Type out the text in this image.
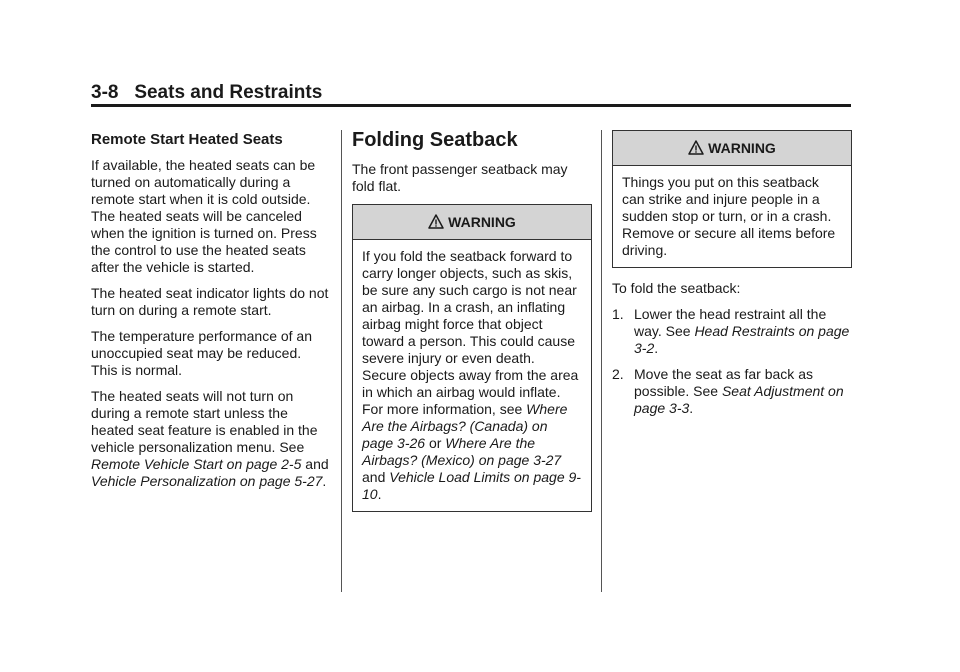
3-8 Seats and Restraints
Remote Start Heated Seats

If available, the heated seats can be turned on automatically during a remote start when it is cold outside. The heated seats will be canceled when the ignition is turned on. Press the control to use the heated seats after the vehicle is started.

The heated seat indicator lights do not turn on during a remote start.

The temperature performance of an unoccupied seat may be reduced. This is normal.

The heated seats will not turn on during a remote start unless the heated seat feature is enabled in the vehicle personalization menu. See Remote Vehicle Start on page 2-5 and Vehicle Personalization on page 5-27.

Folding Seatback

The front passenger seatback may fold flat.

WARNING
If you fold the seatback forward to carry longer objects, such as skis, be sure any such cargo is not near an airbag. In a crash, an inflating airbag might force that object toward a person. This could cause severe injury or even death. Secure objects away from the area in which an airbag would inflate. For more information, see Where Are the Airbags? (Canada) on page 3-26 or Where Are the Airbags? (Mexico) on page 3-27 and Vehicle Load Limits on page 9-10.
WARNING
Things you put on this seatback can strike and injure people in a sudden stop or turn, or in a crash. Remove or secure all items before driving.

To fold the seatback:

1. Lower the head restraint all the way. See Head Restraints on page 3-2.
2. Move the seat as far back as possible. See Seat Adjustment on page 3-3.
